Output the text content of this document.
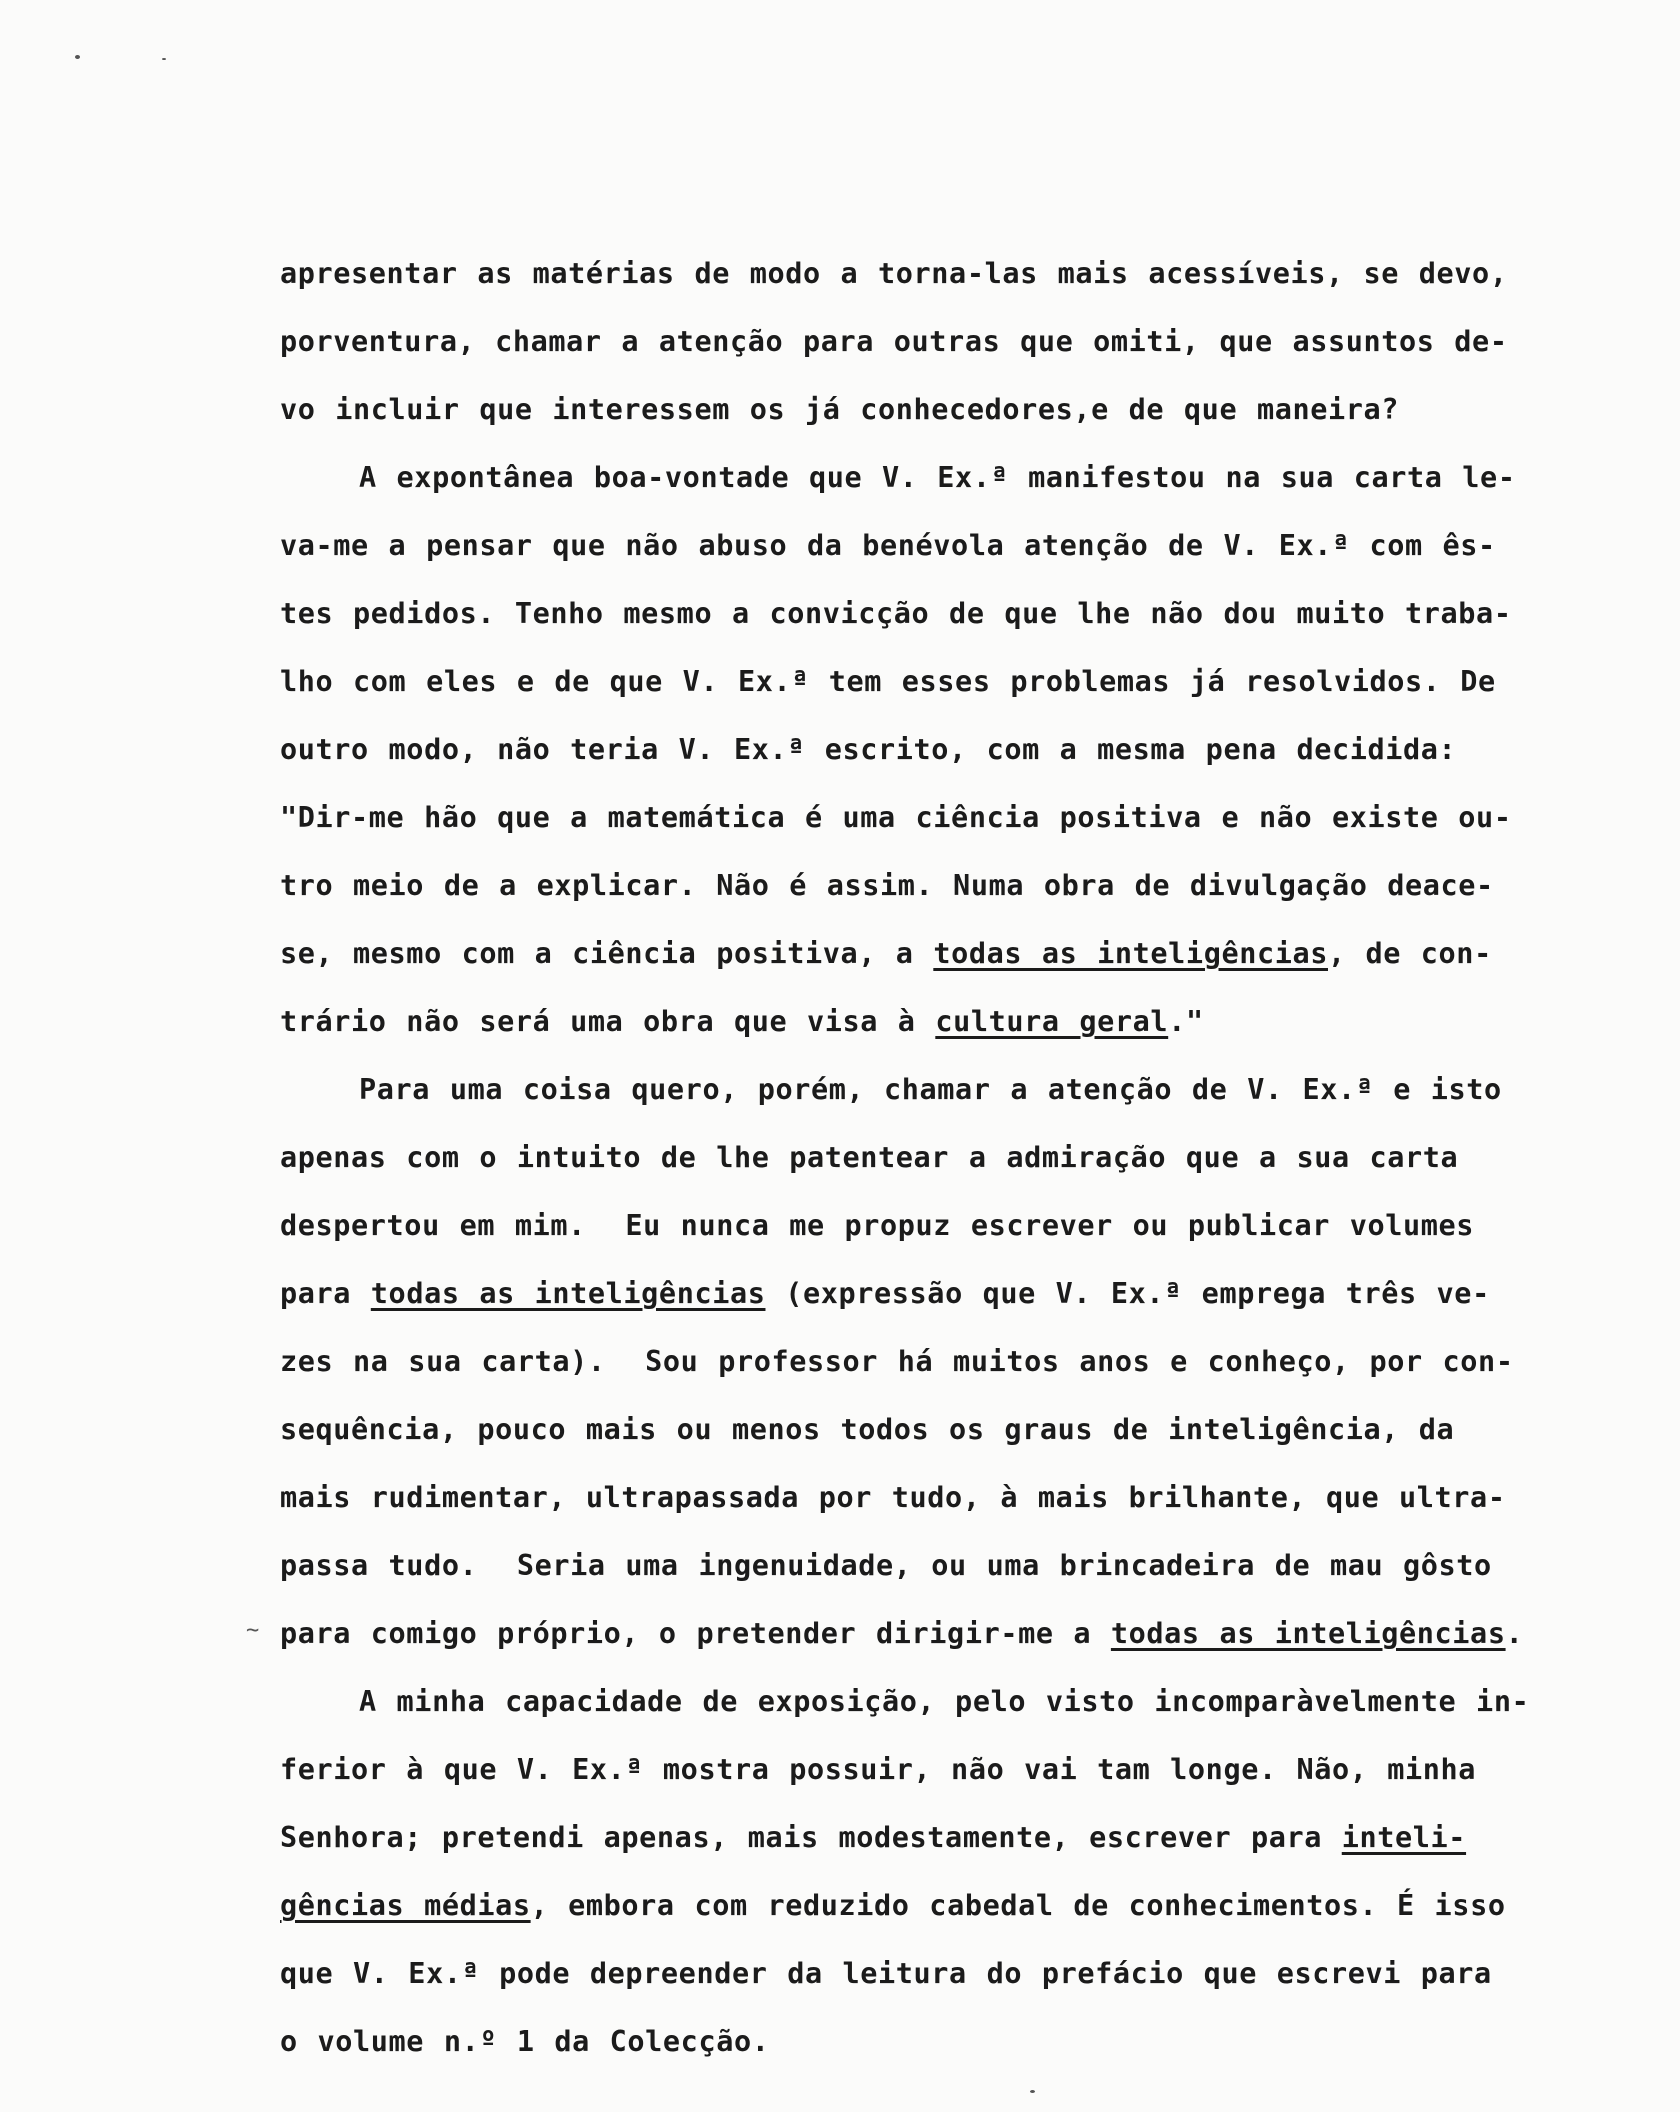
~
apresentar as matérias de modo a torna-las mais acessíveis, se devo,
porventura, chamar a atenção para outras que omiti, que assuntos de-
vo incluir que interessem os já conhecedores,e de que maneira?
A expontânea boa-vontade que V. Ex.ª manifestou na sua carta le-
va-me a pensar que não abuso da benévola atenção de V. Ex.ª com ês-
tes pedidos. Tenho mesmo a convicção de que lhe não dou muito traba-
lho com eles e de que V. Ex.ª tem esses problemas já resolvidos. De
outro modo, não teria V. Ex.ª escrito, com a mesma pena decidida:
"Dir-me hão que a matemática é uma ciência positiva e não existe ou-
tro meio de a explicar. Não é assim. Numa obra de divulgação deace-
se, mesmo com a ciência positiva, a todas as inteligências, de con-
trário não será uma obra que visa à cultura geral."
Para uma coisa quero, porém, chamar a atenção de V. Ex.ª e isto
apenas com o intuito de lhe patentear a admiração que a sua carta
despertou em mim.  Eu nunca me propuz escrever ou publicar volumes
para todas as inteligências (expressão que V. Ex.ª emprega três ve-
zes na sua carta).  Sou professor há muitos anos e conheço, por con-
sequência, pouco mais ou menos todos os graus de inteligência, da
mais rudimentar, ultrapassada por tudo, à mais brilhante, que ultra-
passa tudo.  Seria uma ingenuidade, ou uma brincadeira de mau gôsto
para comigo próprio, o pretender dirigir-me a todas as inteligências.
A minha capacidade de exposição, pelo visto incomparàvelmente in-
ferior à que V. Ex.ª mostra possuir, não vai tam longe. Não, minha
Senhora; pretendi apenas, mais modestamente, escrever para inteli-
gências médias, embora com reduzido cabedal de conhecimentos. É isso
que V. Ex.ª pode depreender da leitura do prefácio que escrevi para
o volume n.º 1 da Colecção.
